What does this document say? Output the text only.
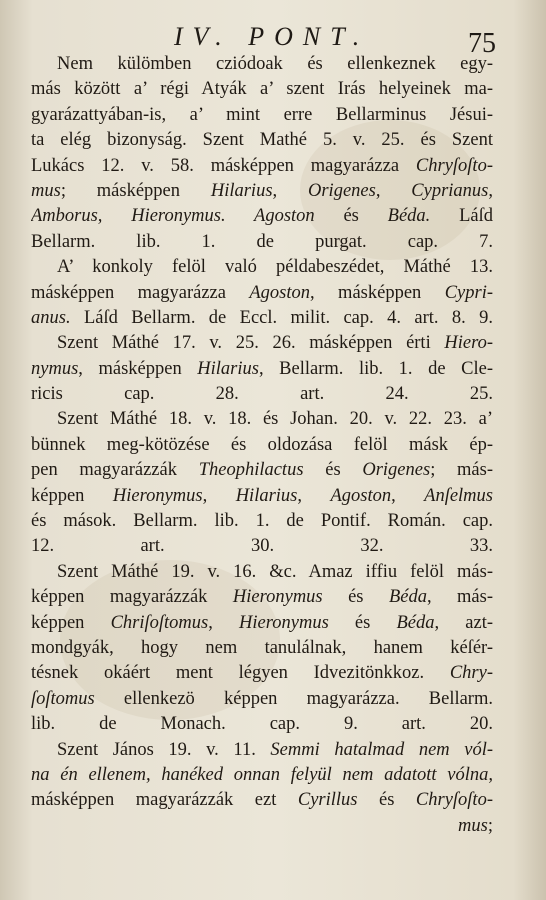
IV. PONT.	75
Nem külömben cziódoak és ellenkeznek egy-
más között a’ régi Atyák a’ szent Irás helyeinek ma-
gyarázattyában-is, a’ mint erre Bellarminus Jésui-
ta elég bizonyság. Szent Mathé 5. v. 25. és Szent
Lukács 12. v. 58. másképpen magyarázza Chryſoſto-
mus; másképpen Hilarius, Origenes, Cyprianus,
Amborus, Hieronymus. Agoston és Béda. Láſd
Bellarm. lib. 1. de purgat. cap. 7.
A’ konkoly felöl való példabeszédet, Máthé 13.
másképpen magyarázza Agoston, másképpen Cypri-
anus. Láſd Bellarm. de Eccl. milit. cap. 4. art. 8. 9.
Szent Máthé 17. v. 25. 26. másképpen érti Hiero-
nymus, másképpen Hilarius, Bellarm. lib. 1. de Cle-
ricis cap. 28. art. 24. 25.
Szent Máthé 18. v. 18. és Johan. 20. v. 22. 23. a’
bünnek meg-kötözése és oldozása felöl másk ép-
pen magyarázzák Theophilactus és Origenes; más-
képpen Hieronymus, Hilarius, Agoston, Anſelmus
és mások. Bellarm. lib. 1. de Pontif. Román. cap.
12. art. 30. 32. 33.
Szent Máthé 19. v. 16. &c. Amaz iffiu felöl más-
képpen magyarázzák Hieronymus és Béda, más-
képpen Chriſoſtomus, Hieronymus és Béda, azt-
mondgyák, hogy nem tanulálnak, hanem kéſér-
tésnek okáért ment légyen Idvezitönkkoz. Chry-
ſoſtomus ellenkezö képpen magyarázza. Bellarm.
lib. de Monach. cap. 9. art. 20.
Szent János 19. v. 11. Semmi hatalmad nem vól-
na én ellenem, hanéked onnan felyül nem adatott vólna,
másképpen magyarázzák ezt Cyrillus és Chryſoſto-
mus;
